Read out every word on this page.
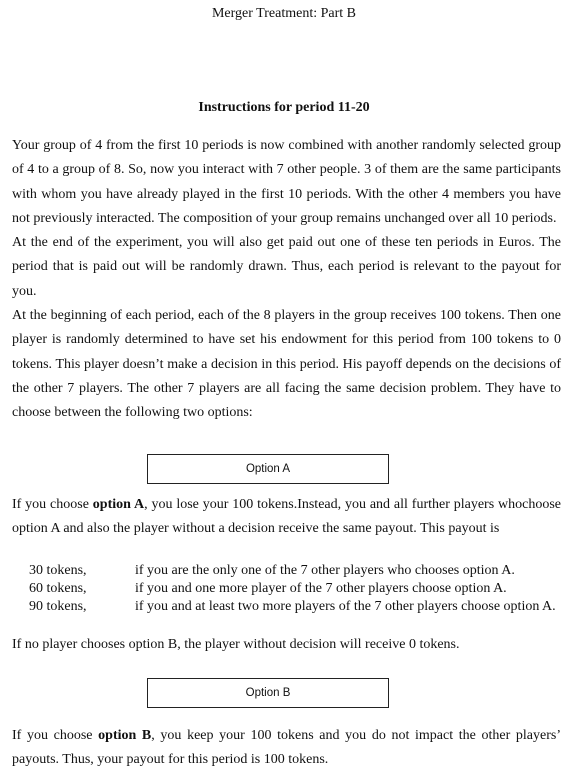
Merger Treatment: Part B
Instructions for period 11-20
Your group of 4 from the first 10 periods is now combined with another randomly selected group
of 4 to a group of 8. So, now you interact with 7 other people. 3 of them are the same participants
with whom you have already played in the first 10 periods. With the other 4 members you have
not previously interacted. The composition of your group remains unchanged over all 10 periods.
At the end of the experiment, you will also get paid out one of these ten periods in Euros. The
period that is paid out will be randomly drawn. Thus, each period is relevant to the payout for
you.
At the beginning of each period, each of the 8 players in the group receives 100 tokens. Then one
player is randomly determined to have set his endowment for this period from 100 tokens to 0
tokens. This player doesn’t make a decision in this period. His payoff depends on the decisions of
the other 7 players. The other 7 players are all facing the same decision problem. They have to
choose between the following two options:
Option A
If you choose option A, you lose your 100 tokens.Instead, you and all further players whochoose
option A and also the player without a decision receive the same payout. This payout is
30 tokens,	if you are the only one of the 7 other players who chooses option A.
60 tokens,	if you and one more player of the 7 other players choose option A.
90 tokens,	if you and at least two more players of the 7 other players choose option A.
If no player chooses option B, the player without decision will receive 0 tokens.
Option B
If you choose option B, you keep your 100 tokens and you do not impact the other players’
payouts. Thus, your payout for this period is 100 tokens.
